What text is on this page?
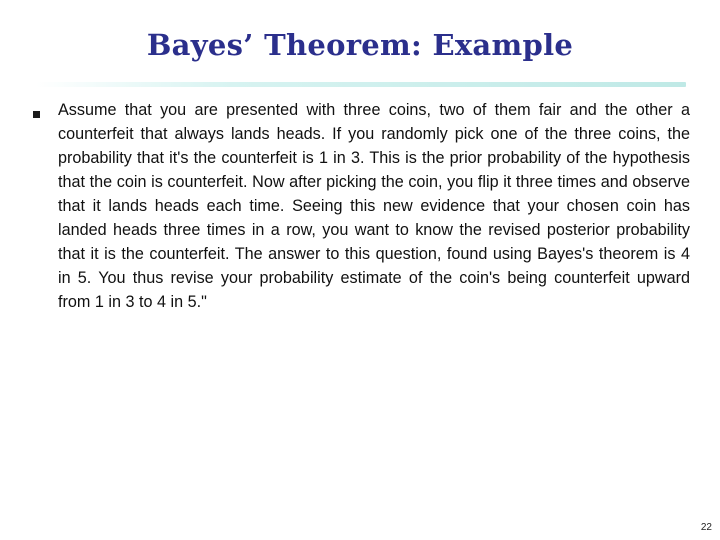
Bayes’ Theorem: Example
Assume that you are presented with three coins, two of them fair and the other a counterfeit that always lands heads. If you randomly pick one of the three coins, the probability that it's the counterfeit is 1 in 3. This is the prior probability of the hypothesis that the coin is counterfeit. Now after picking the coin, you flip it three times and observe that it lands heads each time. Seeing this new evidence that your chosen coin has landed heads three times in a row, you want to know the revised posterior probability that it is the counterfeit. The answer to this question, found using Bayes's theorem is 4 in 5. You thus revise your probability estimate of the coin's being counterfeit upward from 1 in 3 to 4 in 5."
22
